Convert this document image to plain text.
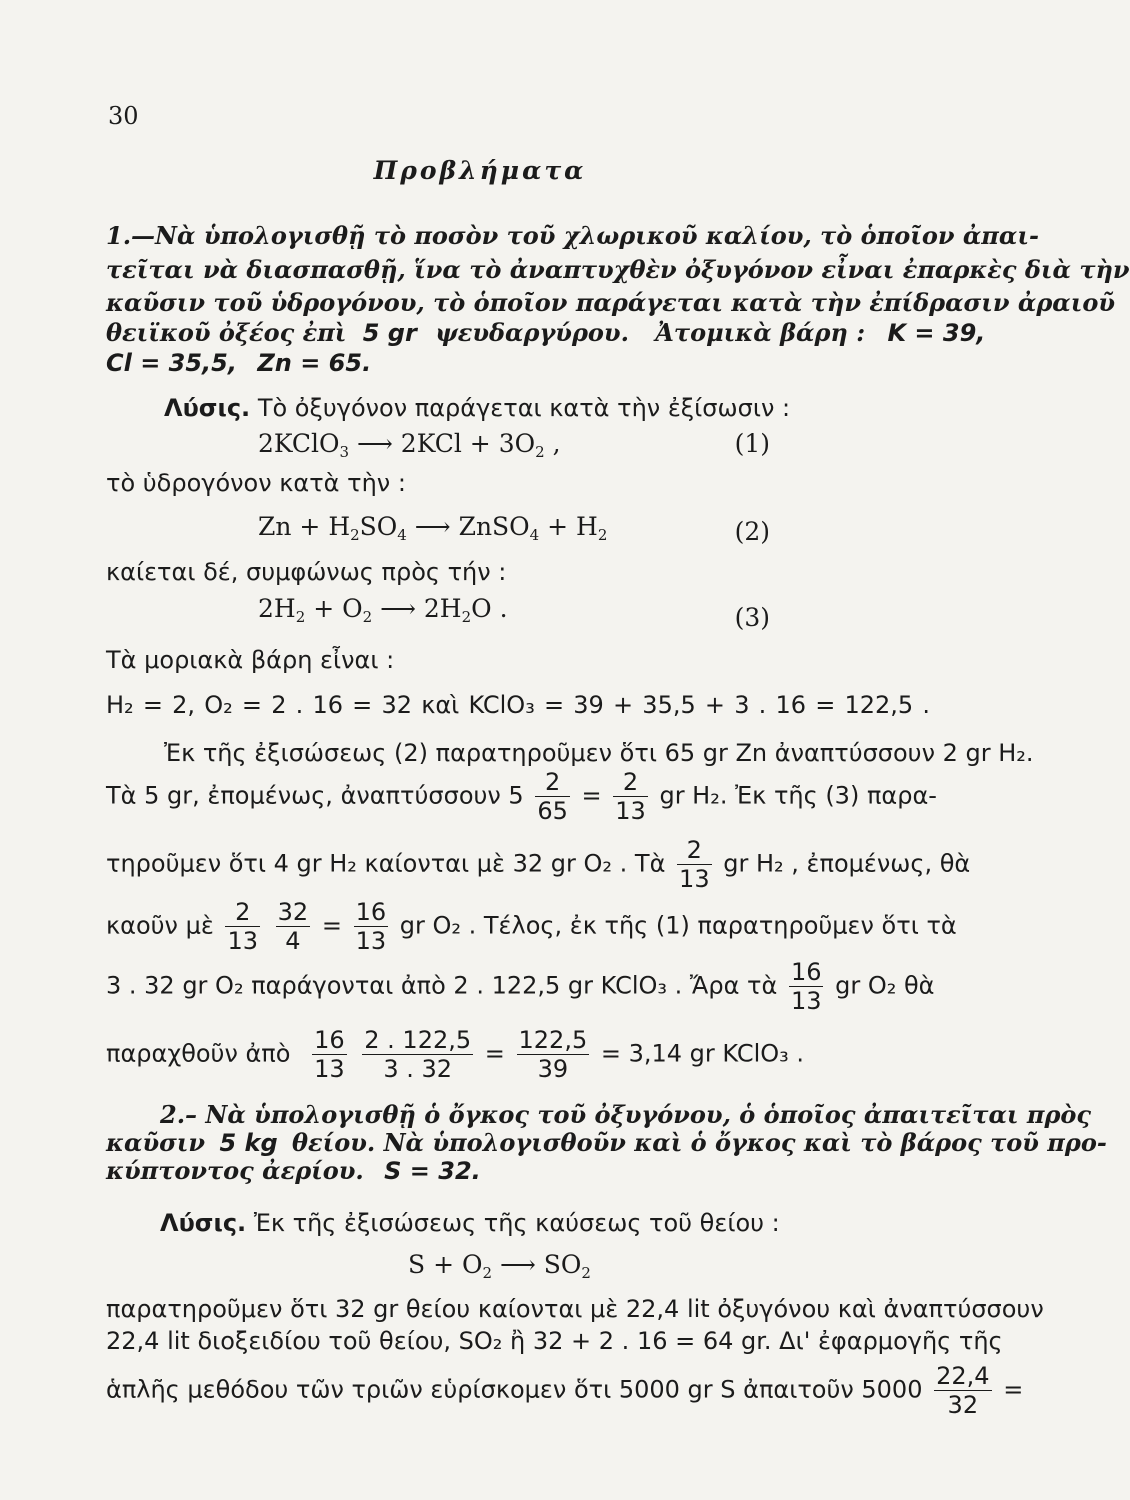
30
Προβλήματα
1.—Νὰ ὑπολογισθῇ τὸ ποσὸν τοῦ χλωρικοῦ καλίου, τὸ ὁποῖον ἀπαι-
τεῖται νὰ διασπασθῇ, ἵνα τὸ ἀναπτυχθὲν ὀξυγόνον εἶναι ἐπαρκὲς διὰ τὴν
καῦσιν τοῦ ὑδρογόνου, τὸ ὁποῖον παράγεται κατὰ τὴν ἐπίδρασιν ἀραιοῦ
θειϊκοῦ ὀξέος ἐπὶ 5 gr ψευδαργύρου. Ἀτομικὰ βάρη : K = 39,
Cl = 35,5, Zn = 65.
Λύσις. Τὸ ὀξυγόνον παράγεται κατὰ τὴν ἐξίσωσιν :
2KClO$_3$ ⟶ $2KCl + 3O_2$ ,	(1)
τὸ ὑδρογόνον κατὰ τὴν :
$Zn + H_2SO_4$ ⟶ ZnSO$_4$ + $H_2$	(2)
καίεται δέ, συμφώνως πρὸς τήν :
$2H_2 + O_2$ ⟶ $2H_2O$ .	(3)
Τὰ μοριακὰ βάρη εἶναι :
H₂ = 2, O₂ = 2 . 16 = 32 καὶ KClO₃ = 39 + 35,5 + 3 . 16 = 122,5 .
Ἐκ τῆς ἐξισώσεως (2) παρατηροῦμεν ὅτι 65 gr Zn ἀναπτύσσουν 2 gr H₂.
Τὰ 5 gr, ἐπομένως, ἀναπτύσσουν $5 \frac{2}{65} = \frac{2}{13}$ gr H₂. Ἐκ τῆς (3) παρα-
τηροῦμεν ὅτι 4 gr H₂ καίονται μὲ 32 gr O₂ . Τὰ $\frac{2}{13}$ gr H₂ , ἐπομένως, θὰ
καοῦν μὲ $\frac{2}{13}$
$\frac{32}{4} = \frac{16}{13}$ gr O₂ . Τέλος, ἐκ τῆς (1) παρατηροῦμεν ὅτι τὰ
3 . 32 gr O₂ παράγονται ἀπὸ 2 . 122,5 gr KClO₃ . Ἄρα τὰ $\frac{16}{13}$ gr O₂ θὰ
παραχθοῦν ἀπὸ $\frac{16}{13}$
$\frac{2 . 122,5}{3 . 32} = \frac{122,5}{39} = 3,14$ gr KClO₃ .
2.– Νὰ ὑπολογισθῇ ὁ ὄγκος τοῦ ὀξυγόνου, ὁ ὁποῖος ἀπαιτεῖται πρὸς
καῦσιν 5 kg θείου. Νὰ ὑπολογισθοῦν καὶ ὁ ὄγκος καὶ τὸ βάρος τοῦ προ-
κύπτοντος ἀερίου. S = 32.
Λύσις. Ἐκ τῆς ἐξισώσεως τῆς καύσεως τοῦ θείου :
$S + O_2$ ⟶ $SO_2$
παρατηροῦμεν ὅτι 32 gr θείου καίονται μὲ 22,4 lit ὀξυγόνου καὶ ἀναπτύσσουν
22,4 lit διοξειδίου τοῦ θείου, SO₂ ἢ 32 + 2 . 16 = 64 gr. Δι' ἐφαρμογῆς τῆς
ἁπλῆς μεθόδου τῶν τριῶν εὑρίσκομεν ὅτι 5000 gr S ἀπαιτοῦν $5000 \frac{22,4}{32}$ =
